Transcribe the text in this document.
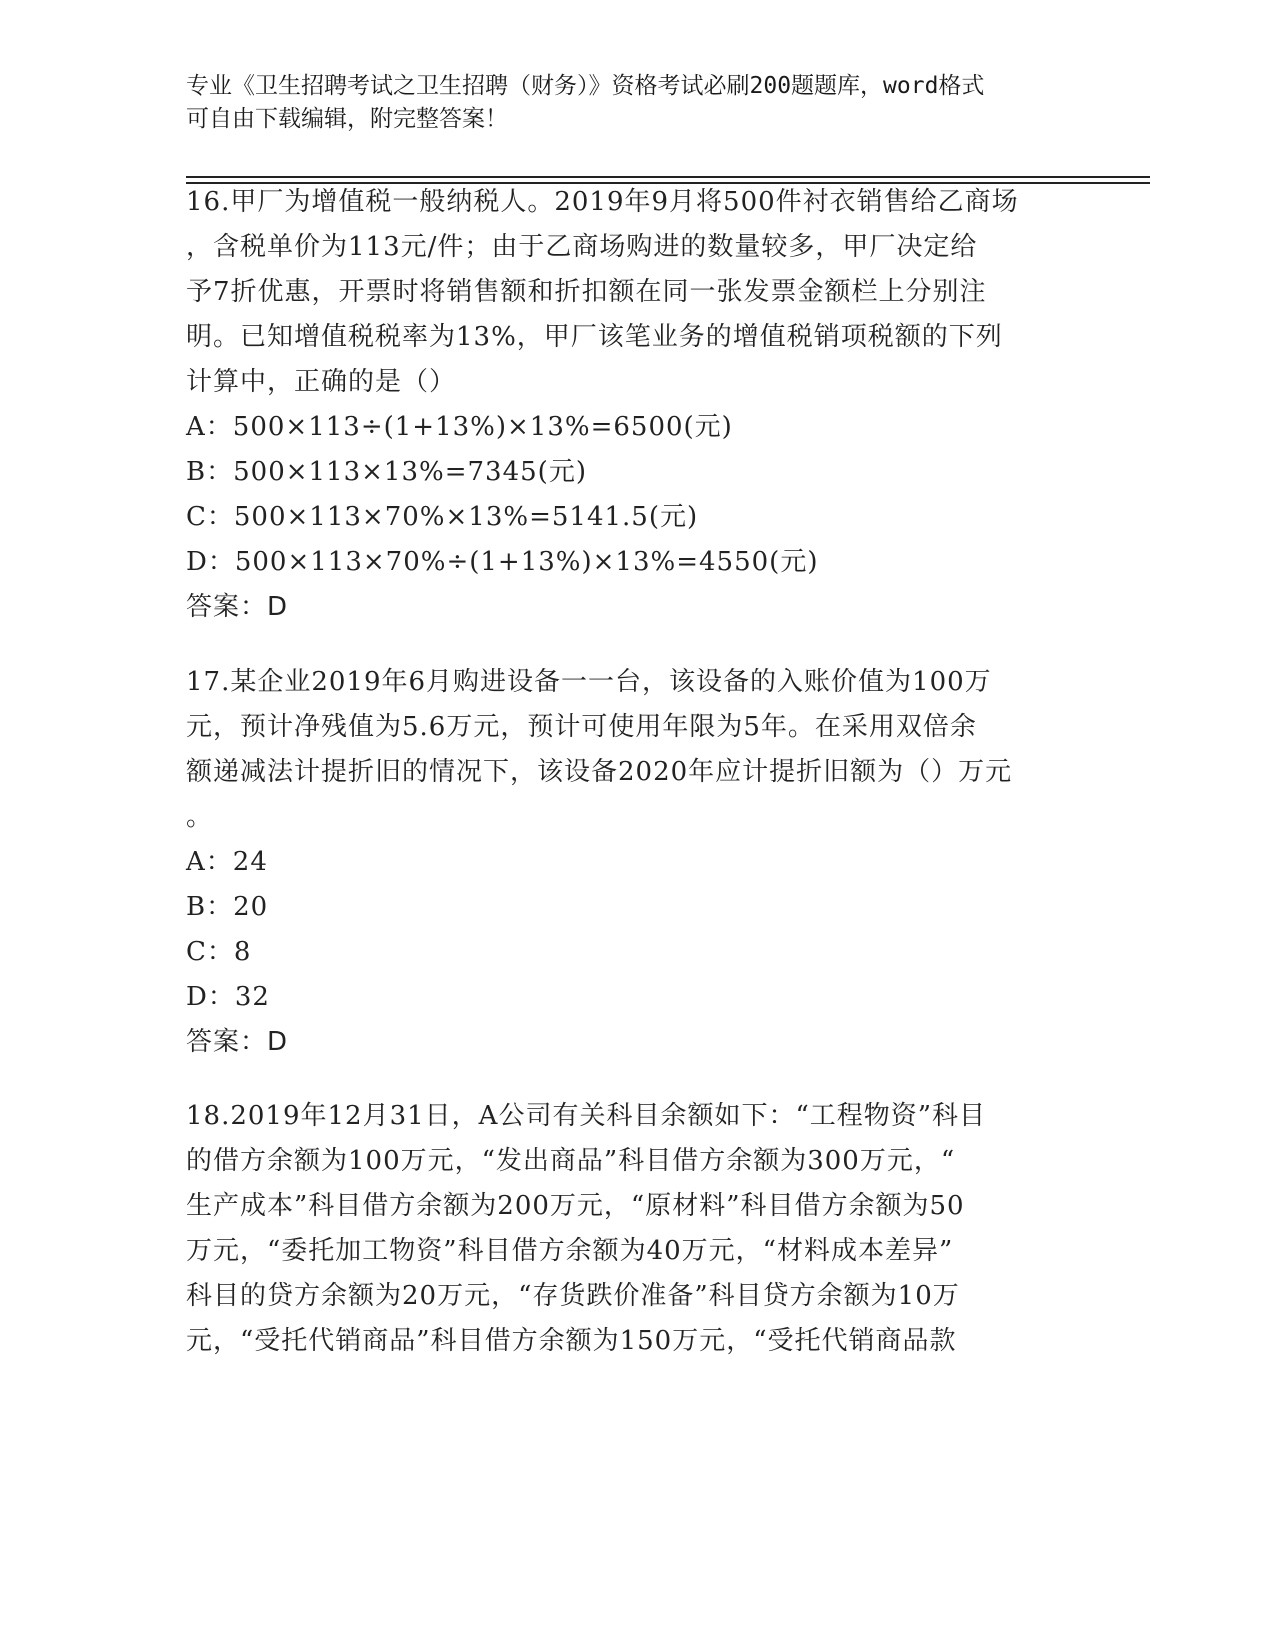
专业《卫生招聘考试之卫生招聘（财务）》资格考试必刷200题题库，word格式
可自由下载编辑，附完整答案！
16.甲厂为增值税一般纳税人。2019年9月将500件衬衣销售给乙商场
，含税单价为113元/件；由于乙商场购进的数量较多，甲厂决定给
予7折优惠，开票时将销售额和折扣额在同一张发票金额栏上分别注
明。已知增值税税率为13%，甲厂该笔业务的增值税销项税额的下列
计算中，正确的是（）
A：500×113÷(1+13%)×13%=6500(元)
B：500×113×13%=7345(元)
C：500×113×70%×13%=5141.5(元)
D：500×113×70%÷(1+13%)×13%=4550(元)
答案：D
17.某企业2019年6月购进设备一一台，该设备的入账价值为100万
元，预计净残值为5.6万元，预计可使用年限为5年。在采用双倍余
额递减法计提折旧的情况下，该设备2020年应计提折旧额为（）万元
。
A：24
B：20
C：8
D：32
答案：D
18.2019年12月31日，A公司有关科目余额如下：“工程物资”科目
的借方余额为100万元，“发出商品”科目借方余额为300万元，“
生产成本”科目借方余额为200万元，“原材料”科目借方余额为50
万元，“委托加工物资”科目借方余额为40万元，“材料成本差异”
科目的贷方余额为20万元，“存货跌价准备”科目贷方余额为10万
元，“受托代销商品”科目借方余额为150万元，“受托代销商品款
